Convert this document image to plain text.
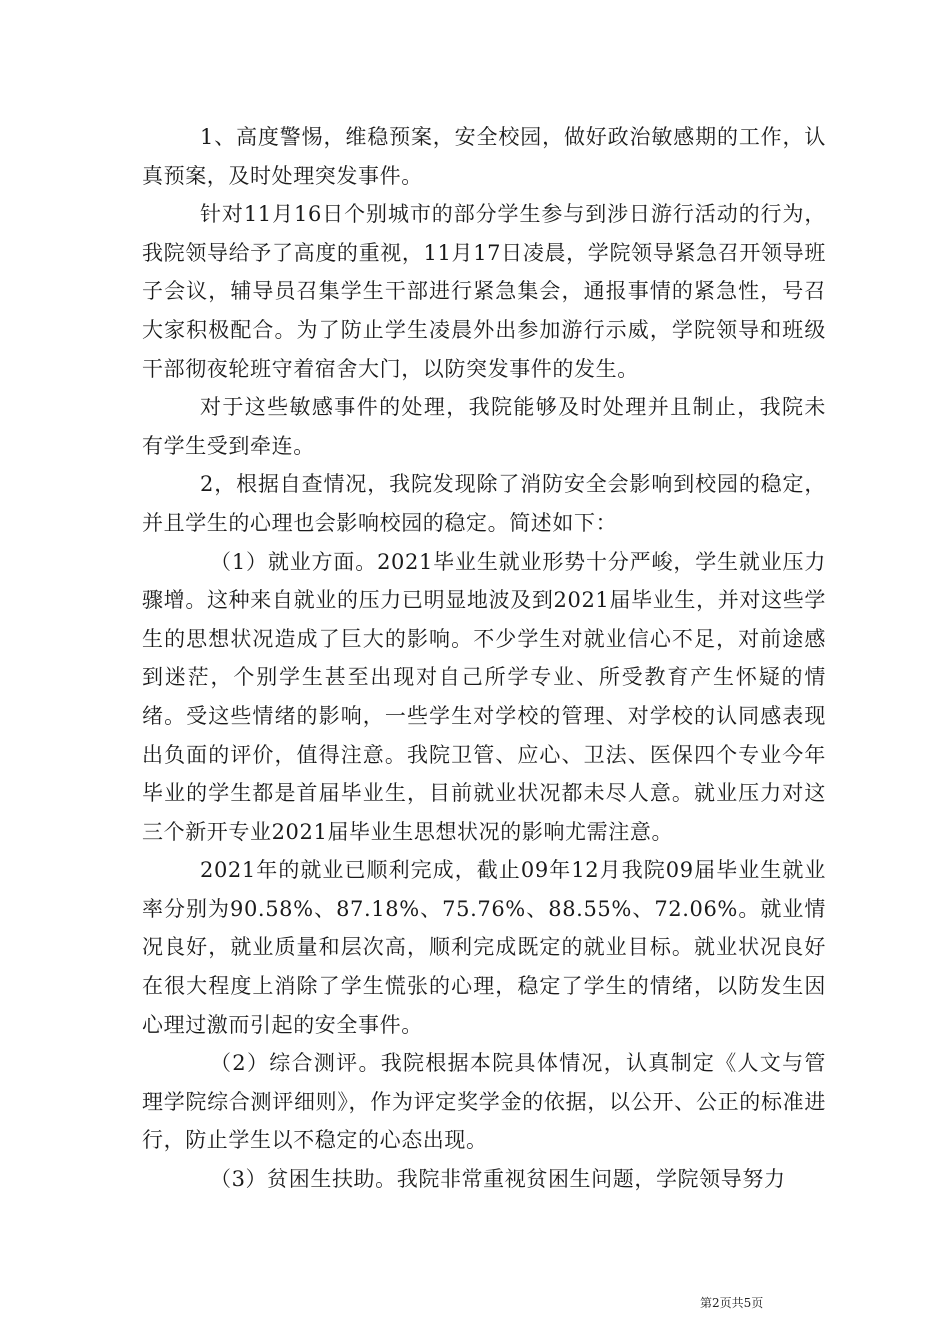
1、高度警惕，维稳预案，安全校园，做好政治敏感期的工作，认真预案，及时处理突发事件。

针对11月16日个别城市的部分学生参与到涉日游行活动的行为，我院领导给予了高度的重视，11月17日凌晨，学院领导紧急召开领导班子会议，辅导员召集学生干部进行紧急集会，通报事情的紧急性，号召大家积极配合。为了防止学生凌晨外出参加游行示威，学院领导和班级干部彻夜轮班守着宿舍大门，以防突发事件的发生。

对于这些敏感事件的处理，我院能够及时处理并且制止，我院未有学生受到牵连。

2，根据自查情况，我院发现除了消防安全会影响到校园的稳定，并且学生的心理也会影响校园的稳定。简述如下：

（1）就业方面。2021毕业生就业形势十分严峻，学生就业压力骤增。这种来自就业的压力已明显地波及到2021届毕业生，并对这些学生的思想状况造成了巨大的影响。不少学生对就业信心不足，对前途感到迷茫，个别学生甚至出现对自己所学专业、所受教育产生怀疑的情绪。受这些情绪的影响，一些学生对学校的管理、对学校的认同感表现出负面的评价，值得注意。我院卫管、应心、卫法、医保四个专业今年毕业的学生都是首届毕业生，目前就业状况都未尽人意。就业压力对这三个新开专业2021届毕业生思想状况的影响尤需注意。

2021年的就业已顺利完成，截止09年12月我院09届毕业生就业率分别为90.58%、87.18%、75.76%、88.55%、72.06%。就业情况良好，就业质量和层次高，顺利完成既定的就业目标。就业状况良好在很大程度上消除了学生慌张的心理，稳定了学生的情绪，以防发生因心理过激而引起的安全事件。

（2）综合测评。我院根据本院具体情况，认真制定《人文与管理学院综合测评细则》，作为评定奖学金的依据，以公开、公正的标准进行，防止学生以不稳定的心态出现。

（3）贫困生扶助。我院非常重视贫困生问题，学院领导努力

第2页共5页
